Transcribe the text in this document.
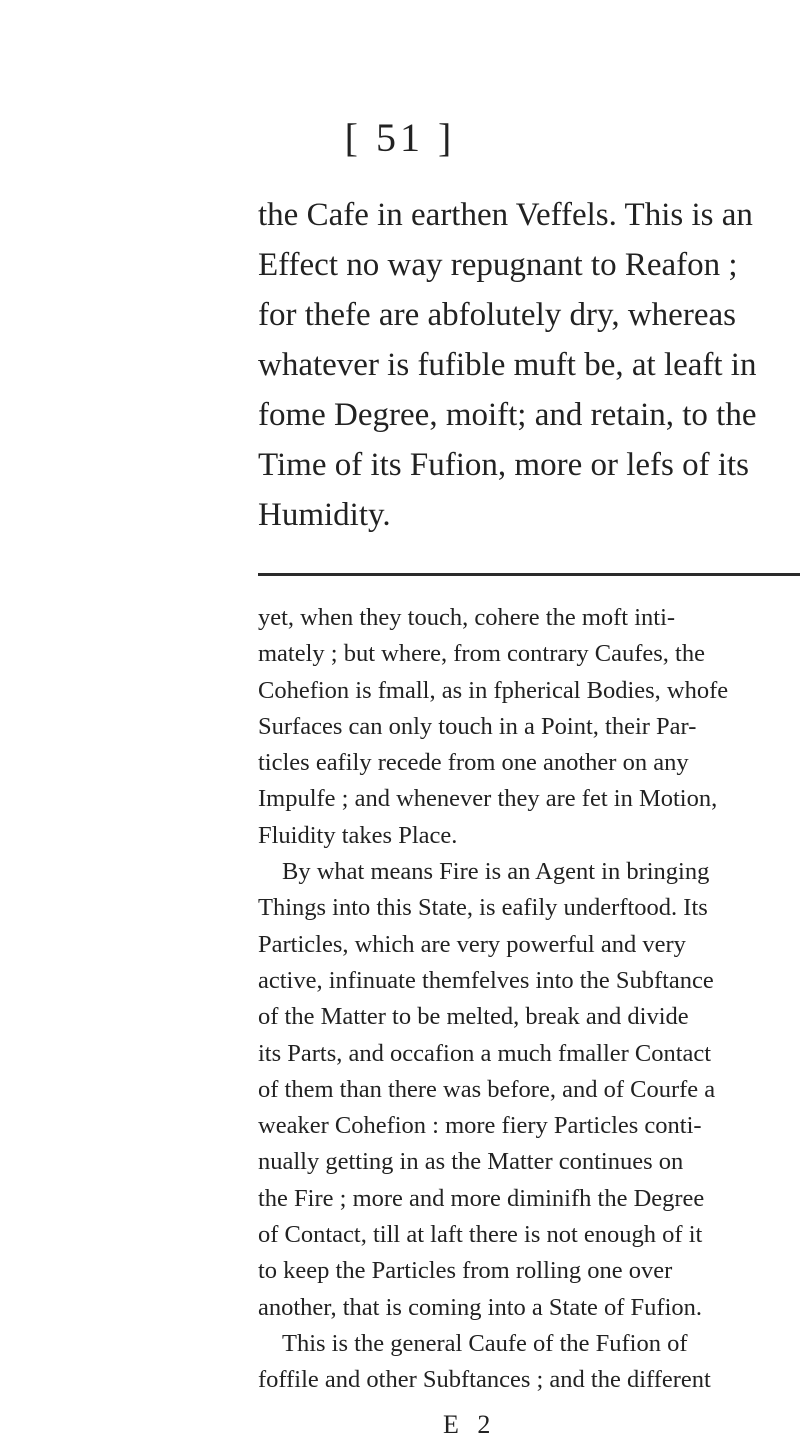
[ 51 ]
the Cafe in earthen Veffels. This is an
Effect no way repugnant to Reafon ;
for thefe are abfolutely dry, whereas
whatever is fufible muft be, at leaft in
fome Degree, moift; and retain, to the
Time of its Fufion, more or lefs of its
Humidity.
yet, when they touch, cohere the moft inti-
mately ; but where, from contrary Caufes, the
Cohefion is fmall, as in fpherical Bodies, whofe
Surfaces can only touch in a Point, their Par-
ticles eafily recede from one another on any
Impulfe ; and whenever they are fet in Motion,
Fluidity takes Place.
By what means Fire is an Agent in bringing
Things into this State, is eafily underftood. Its
Particles, which are very powerful and very
active, infinuate themfelves into the Subftance
of the Matter to be melted, break and divide
its Parts, and occafion a much fmaller Contact
of them than there was before, and of Courfe a
weaker Cohefion : more fiery Particles conti-
nually getting in as the Matter continues on
the Fire ; more and more diminifh the Degree
of Contact, till at laft there is not enough of it
to keep the Particles from rolling one over
another, that is coming into a State of Fufion.
This is the general Caufe of the Fufion of
foffile and other Subftances ; and the different
E 2
